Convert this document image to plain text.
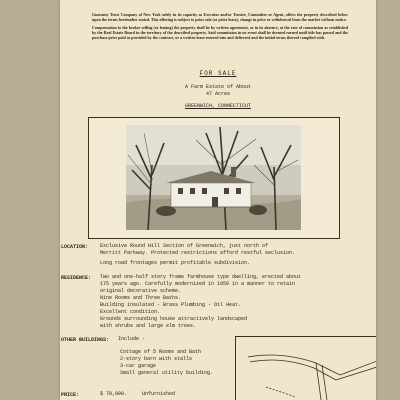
Guaranty Trust Company of New York solely in its capacity as Executor and/or Trustee, Committee or Agent, offers the property described below upon the terms hereinafter stated. This offering is subject to prior sale (or prior lease), change in price or withdrawal from the market without notice.

Compensation to the broker selling (or leasing) the property shall be by written agreement, or in its absence, at the rate of commission as established by the Real Estate Board in the territory of the described property. Said commission in no event shall be deemed earned until title has passed and the purchase price paid as provided by the contract, or a written lease entered into and delivered and the initial terms thereof complied with.

FOR SALE
A Farm Estate of About
47 Acres
GREENWICH, CONNECTICUT
LOCATION: Exclusive Round Hill Section of Greenwich, just north of
Merritt Parkway. Protected restrictions afford restful seclusion.
Long road frontages permit profitable subdivision.
RESIDENCE: Two and one-half story frame farmhouse type dwelling, erected about
175 years ago. Carefully modernized in 1950 in a manner to retain
original decorative scheme.
Nine Rooms and Three Baths.
Building insulated - Brass Plumbing - Oil Heat.
Excellent condition.
Grounds surrounding house attractively landscaped
with shrubs and large elm trees.
OTHER BUILDINGS: Include -
Cottage of 5 Rooms and Bath
2-story barn with stalls
3-car garage
Small general utility building.
PRICE:	$ 70,000.	Unfurnished
